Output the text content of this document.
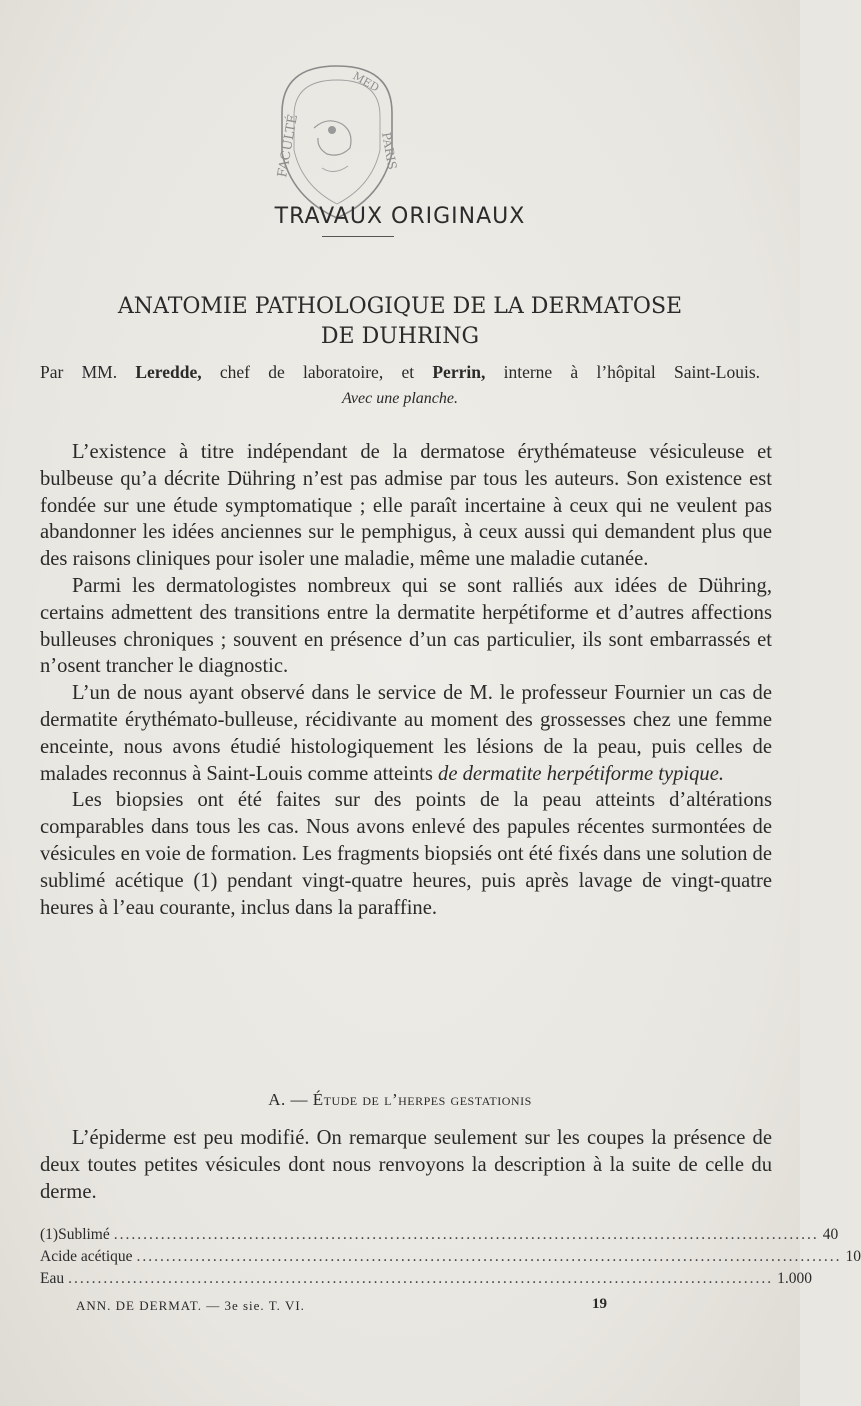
FACULTÉ
MED
PARIS
TRAVAUX ORIGINAUX
ANATOMIE PATHOLOGIQUE DE LA DERMATOSE
DE DUHRING
Par MM. Leredde, chef de laboratoire, et Perrin, interne à l’hôpital Saint-Louis.
Avec une planche.

L’existence à titre indépendant de la dermatose érythémateuse vésiculeuse et bulbeuse qu’a décrite Dühring n’est pas admise par tous les auteurs. Son existence est fondée sur une étude symptomatique ; elle paraît incertaine à ceux qui ne veulent pas abandonner les idées anciennes sur le pemphigus, à ceux aussi qui demandent plus que des raisons cliniques pour isoler une maladie, même une maladie cutanée.

Parmi les dermatologistes nombreux qui se sont ralliés aux idées de Dühring, certains admettent des transitions entre la dermatite herpétiforme et d’autres affections bulleuses chroniques ; souvent en présence d’un cas particulier, ils sont embarrassés et n’osent trancher le diagnostic.

L’un de nous ayant observé dans le service de M. le professeur Fournier un cas de dermatite érythémato-bulleuse, récidivante au moment des grossesses chez une femme enceinte, nous avons étudié histologiquement les lésions de la peau, puis celles de malades reconnus à Saint-Louis comme atteints de dermatite herpétiforme typique.

Les biopsies ont été faites sur des points de la peau atteints d’altérations comparables dans tous les cas. Nous avons enlevé des papules récentes surmontées de vésicules en voie de formation. Les fragments biopsiés ont été fixés dans une solution de sublimé acétique (1) pendant vingt-quatre heures, puis après lavage de vingt-quatre heures à l’eau courante, inclus dans la paraffine.

A. — Étude de l’herpes gestationis

L’épiderme est peu modifié. On remarque seulement sur les coupes la présence de deux toutes petites vésicules dont nous renvoyons la description à la suite de celle du derme.

(1) Sublimé ........................................................................................................................ 40
Acide acétique ........................................................................................................................ 10
Eau ........................................................................................................................ 1.000
ANN. DE DERMAT. — 3e sie. T. VI.	19
